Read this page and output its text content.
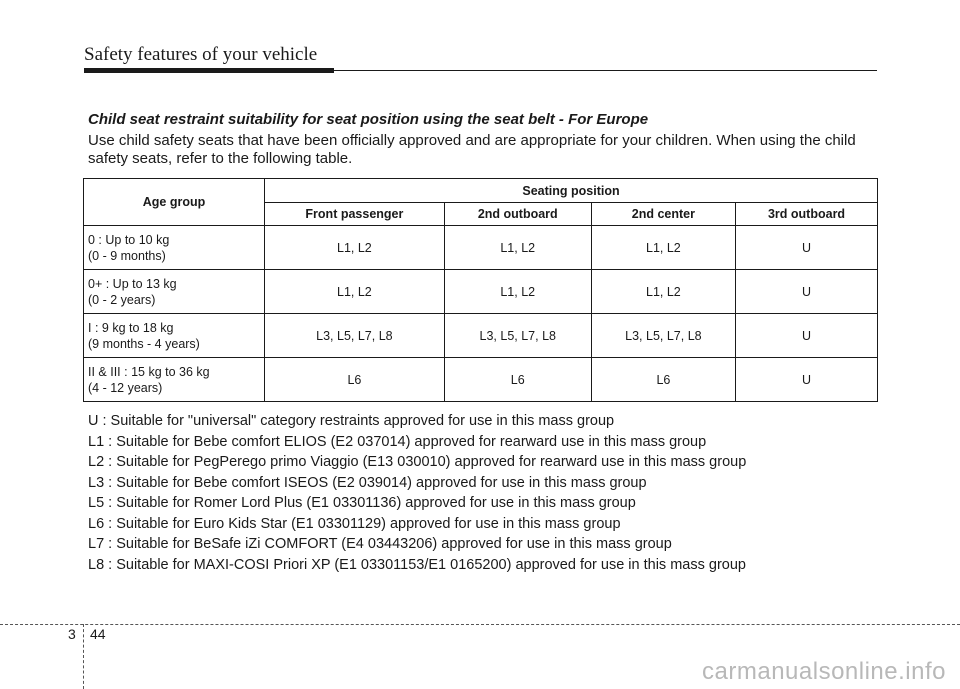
Safety features of your vehicle
Child seat restraint suitability for seat position using the seat belt - For Europe
Use child safety seats that have been officially approved and are appropriate for your children. When using the child safety seats, refer to the following table.
Age group	Seating position			
	Front passenger	2nd outboard	2nd center	3rd outboard

0 : Up to 10 kg
(0 - 9 months)	L1, L2	L1, L2	L1, L2	U

0+ : Up to 13 kg
(0 - 2 years)	L1, L2	L1, L2	L1, L2	U

I : 9 kg to 18 kg
(9 months - 4 years)	L3, L5, L7, L8	L3, L5, L7, L8	L3, L5, L7, L8	U

II & III : 15 kg to 36 kg
(4 - 12 years)	L6	L6	L6	U
U : Suitable for "universal" category restraints approved for use in this mass group
L1 : Suitable for Bebe comfort ELIOS (E2 037014) approved for rearward use in this mass group
L2 : Suitable for PegPerego primo Viaggio (E13 030010) approved for rearward use in this mass group
L3 : Suitable for Bebe comfort ISEOS (E2 039014) approved for use in this mass group
L5 : Suitable for Romer Lord Plus (E1 03301136) approved for use in this mass group
L6 : Suitable for Euro Kids Star (E1 03301129) approved for use in this mass group
L7 : Suitable for BeSafe iZi COMFORT (E4 03443206) approved for use in this mass group
L8 : Suitable for MAXI-COSI Priori XP (E1 03301153/E1 0165200) approved for use in this mass group
3 44
carmanualsonline.info
